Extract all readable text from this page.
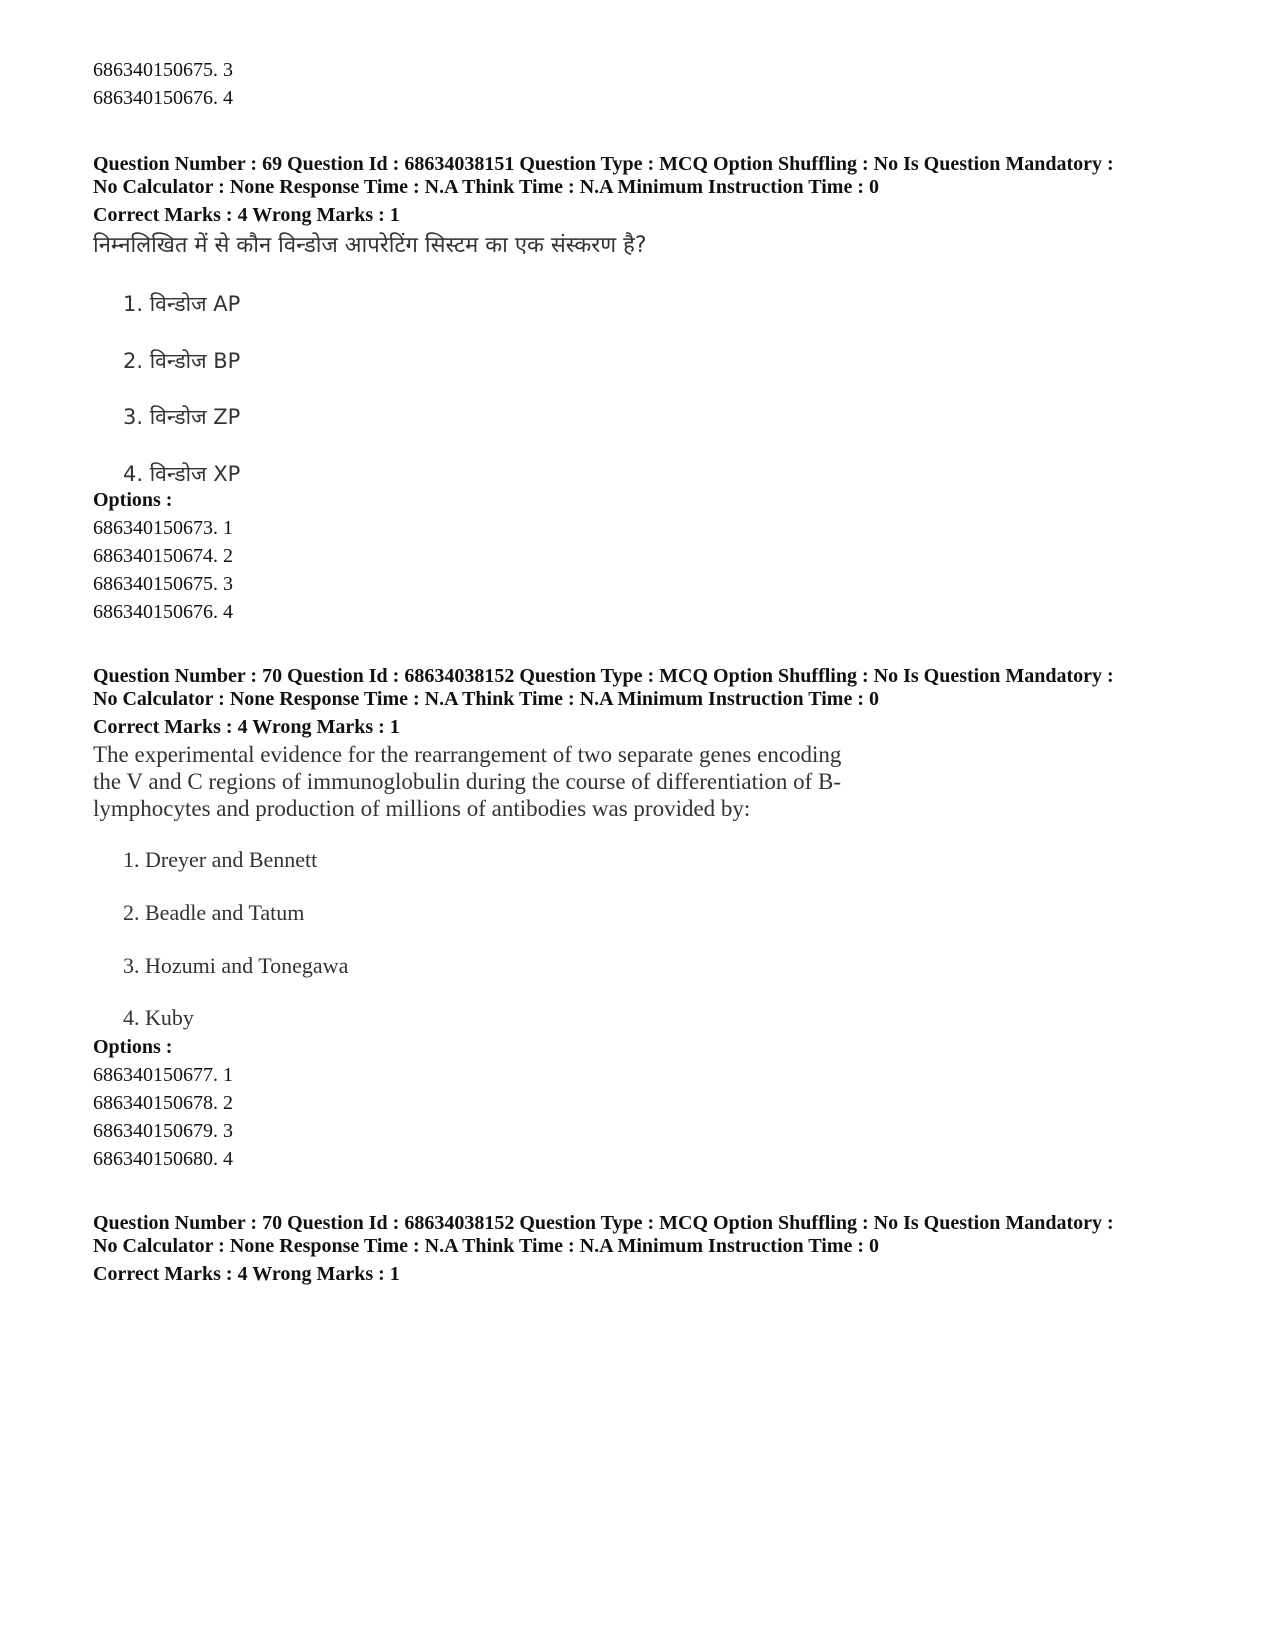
686340150675. 3
686340150676. 4
Question Number : 69 Question Id : 68634038151 Question Type : MCQ Option Shuffling : No Is Question Mandatory :
No Calculator : None Response Time : N.A Think Time : N.A Minimum Instruction Time : 0
Correct Marks : 4 Wrong Marks : 1
निम्नलिखित में से कौन विन्डोज आपरेटिंग सिस्टम का एक संस्करण है?
1. विन्डोज AP
2. विन्डोज BP
3. विन्डोज ZP
4. विन्डोज XP
Options :
686340150673. 1
686340150674. 2
686340150675. 3
686340150676. 4
Question Number : 70 Question Id : 68634038152 Question Type : MCQ Option Shuffling : No Is Question Mandatory :
No Calculator : None Response Time : N.A Think Time : N.A Minimum Instruction Time : 0
Correct Marks : 4 Wrong Marks : 1
The experimental evidence for the rearrangement of two separate genes encoding
the V and C regions of immunoglobulin during the course of differentiation of B-
lymphocytes and production of millions of antibodies was provided by:
1. Dreyer and Bennett
2. Beadle and Tatum
3. Hozumi and Tonegawa
4. Kuby
Options :
686340150677. 1
686340150678. 2
686340150679. 3
686340150680. 4
Question Number : 70 Question Id : 68634038152 Question Type : MCQ Option Shuffling : No Is Question Mandatory :
No Calculator : None Response Time : N.A Think Time : N.A Minimum Instruction Time : 0
Correct Marks : 4 Wrong Marks : 1
